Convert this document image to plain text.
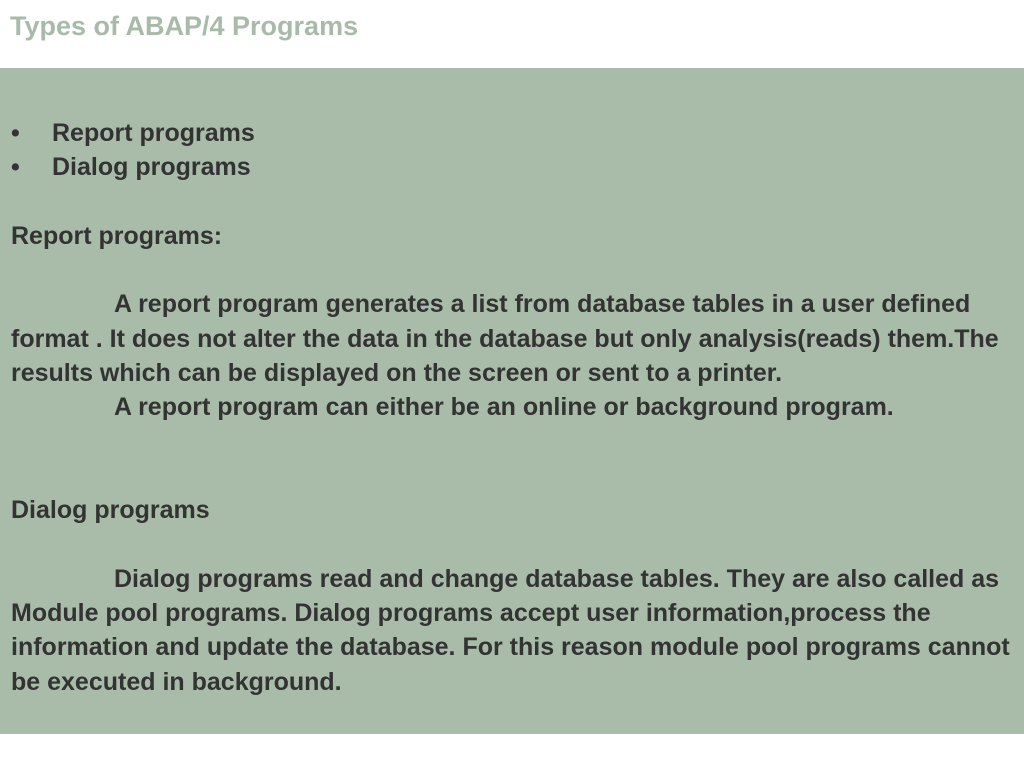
Types of ABAP/4 Programs
• Report programs
• Dialog programs

Report programs:

A report program generates a list from database tables in a user defined format . It does not alter the data in the database but only analysis(reads) them.The results which can be displayed on the screen or sent to a printer.

A report program can either be an online or background program.

Dialog programs

Dialog programs read and change database tables. They are also called as Module pool programs. Dialog programs accept user information,process the information and update the database. For this reason module pool programs cannot be executed in background.
